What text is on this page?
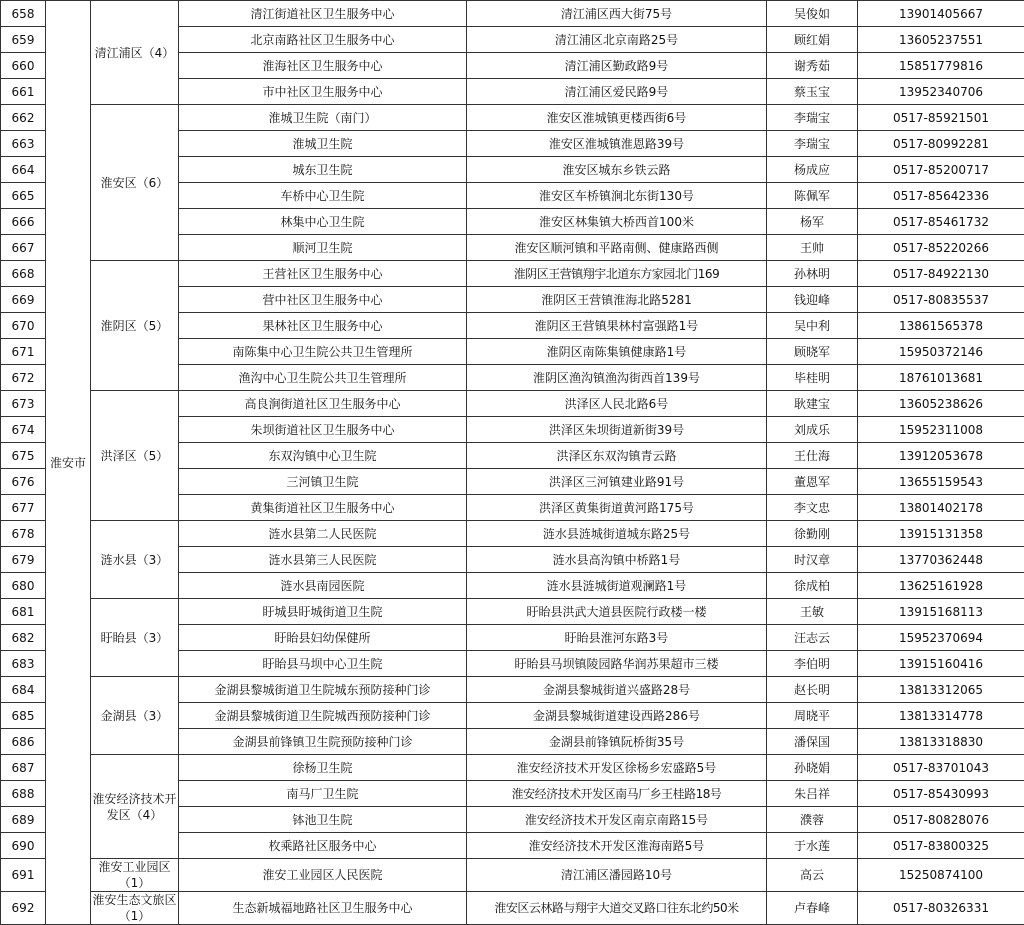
658	淮安市	清江浦区（4）	清江街道社区卫生服务中心	清江浦区西大街75号	吴俊如	13901405667
659			北京南路社区卫生服务中心	清江浦区北京南路25号	顾红娟	13605237551
660			淮海社区卫生服务中心	清江浦区勤政路9号	谢秀茹	15851779816
661			市中社区卫生服务中心	清江浦区爱民路9号	蔡玉宝	13952340706
662		淮安区（6）	淮城卫生院（南门）	淮安区淮城镇更楼西街6号	李瑞宝	0517-85921501
663			淮城卫生院	淮安区淮城镇淮恩路39号	李瑞宝	0517-80992281
664			城东卫生院	淮安区城东乡铁云路	杨成应	0517-85200717
665			车桥中心卫生院	淮安区车桥镇涧北东街130号	陈佩军	0517-85642336
666			林集中心卫生院	淮安区林集镇大桥西首100米	杨军	0517-85461732
667			顺河卫生院	淮安区顺河镇和平路南侧、健康路西侧	王帅	0517-85220266
668		淮阴区（5）	王营社区卫生服务中心	淮阴区王营镇翔宇北道东方家园北门169	孙林明	0517-84922130
669			营中社区卫生服务中心	淮阴区王营镇淮海北路5281	钱迎峰	0517-80835537
670			果林社区卫生服务中心	淮阴区王营镇果林村富强路1号	吴中利	13861565378
671			南陈集中心卫生院公共卫生管理所	淮阴区南陈集镇健康路1号	顾晓军	15950372146
672			渔沟中心卫生院公共卫生管理所	淮阴区渔沟镇渔沟街西首139号	毕桂明	18761013681
673		洪泽区（5）	高良涧街道社区卫生服务中心	洪泽区人民北路6号	耿建宝	13605238626
674			朱坝街道社区卫生服务中心	洪泽区朱坝街道新街39号	刘成乐	15952311008
675			东双沟镇中心卫生院	洪泽区东双沟镇青云路	王仕海	13912053678
676			三河镇卫生院	洪泽区三河镇建业路91号	董恩军	13655159543
677			黄集街道社区卫生服务中心	洪泽区黄集街道黄河路175号	李文忠	13801402178
678		涟水县（3）	涟水县第二人民医院	涟水县涟城街道城东路25号	徐勤刚	13915131358
679			涟水县第三人民医院	涟水县高沟镇中桥路1号	时汉章	13770362448
680			涟水县南园医院	涟水县涟城街道观澜路1号	徐成柏	13625161928
681		盱眙县（3）	盱城县盱城街道卫生院	盱眙县洪武大道县医院行政楼一楼	王敏	13915168113
682			盱眙县妇幼保健所	盱眙县淮河东路3号	汪志云	15952370694
683			盱眙县马坝中心卫生院	盱眙县马坝镇陵园路华润苏果超市三楼	李伯明	13915160416
684		金湖县（3）	金湖县黎城街道卫生院城东预防接种门诊	金湖县黎城街道兴盛路28号	赵长明	13813312065
685			金湖县黎城街道卫生院城西预防接种门诊	金湖县黎城街道建设西路286号	周晓平	13813314778
686			金湖县前锋镇卫生院预防接种门诊	金湖县前锋镇阮桥街35号	潘保国	13813318830
687		淮安经济技术开发区（4）	徐杨卫生院	淮安经济技术开发区徐杨乡宏盛路5号	孙晓娟	0517-83701043
688			南马厂卫生院	淮安经济技术开发区南马厂乡王桂路18号	朱吕祥	0517-85430993
689			钵池卫生院	淮安经济技术开发区南京南路15号	濮蓉	0517-80828076
690			枚乘路社区服务中心	淮安经济技术开发区淮海南路5号	于水莲	0517-83800325
691		淮安工业园区（1）	淮安工业园区人民医院	清江浦区潘园路10号	高云	15250874100
692		淮安生态文旅区（1）	生态新城福地路社区卫生服务中心	淮安区云林路与翔宇大道交叉路口往东北约50米	卢春峰	0517-80326331
